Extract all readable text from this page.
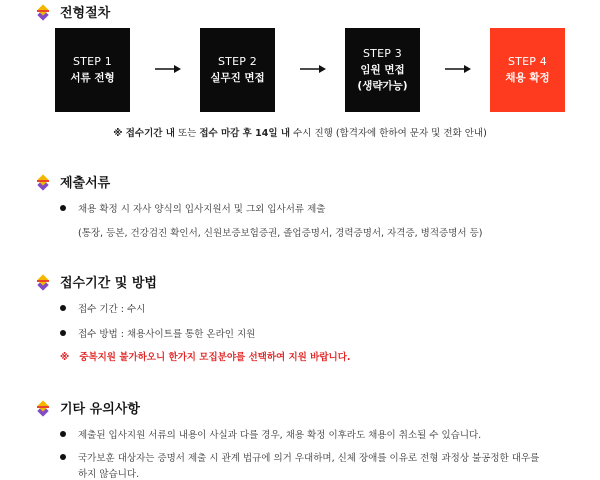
전형절차
STEP 1
서류 전형
STEP 2
실무진 면접
STEP 3
임원 면접
(생략가능)
STEP 4
채용 확정
※ 접수기간 내 또는 접수 마감 후 14일 내 수시 진행 (합격자에 한하여 문자 및 전화 안내)
제출서류
채용 확정 시 자사 양식의 입사지원서 및 그외 입사서류 제출
(통장, 등본, 건강검진 확인서, 신원보증보험증권, 졸업증명서, 경력증명서, 자격증, 병적증명서 등)
접수기간 및 방법
접수 기간 : 수시
접수 방법 : 채용사이트를 통한 온라인 지원
※ 중복지원 불가하오니 한가지 모집분야를 선택하여 지원 바랍니다.
기타 유의사항
제출된 입사지원 서류의 내용이 사실과 다를 경우, 채용 확정 이후라도 채용이 취소될 수 있습니다.
국가보훈 대상자는 증명서 제출 시 관계 법규에 의거 우대하며, 신체 장애를 이유로 전형 과정상 불공정한 대우를
하지 않습니다.
